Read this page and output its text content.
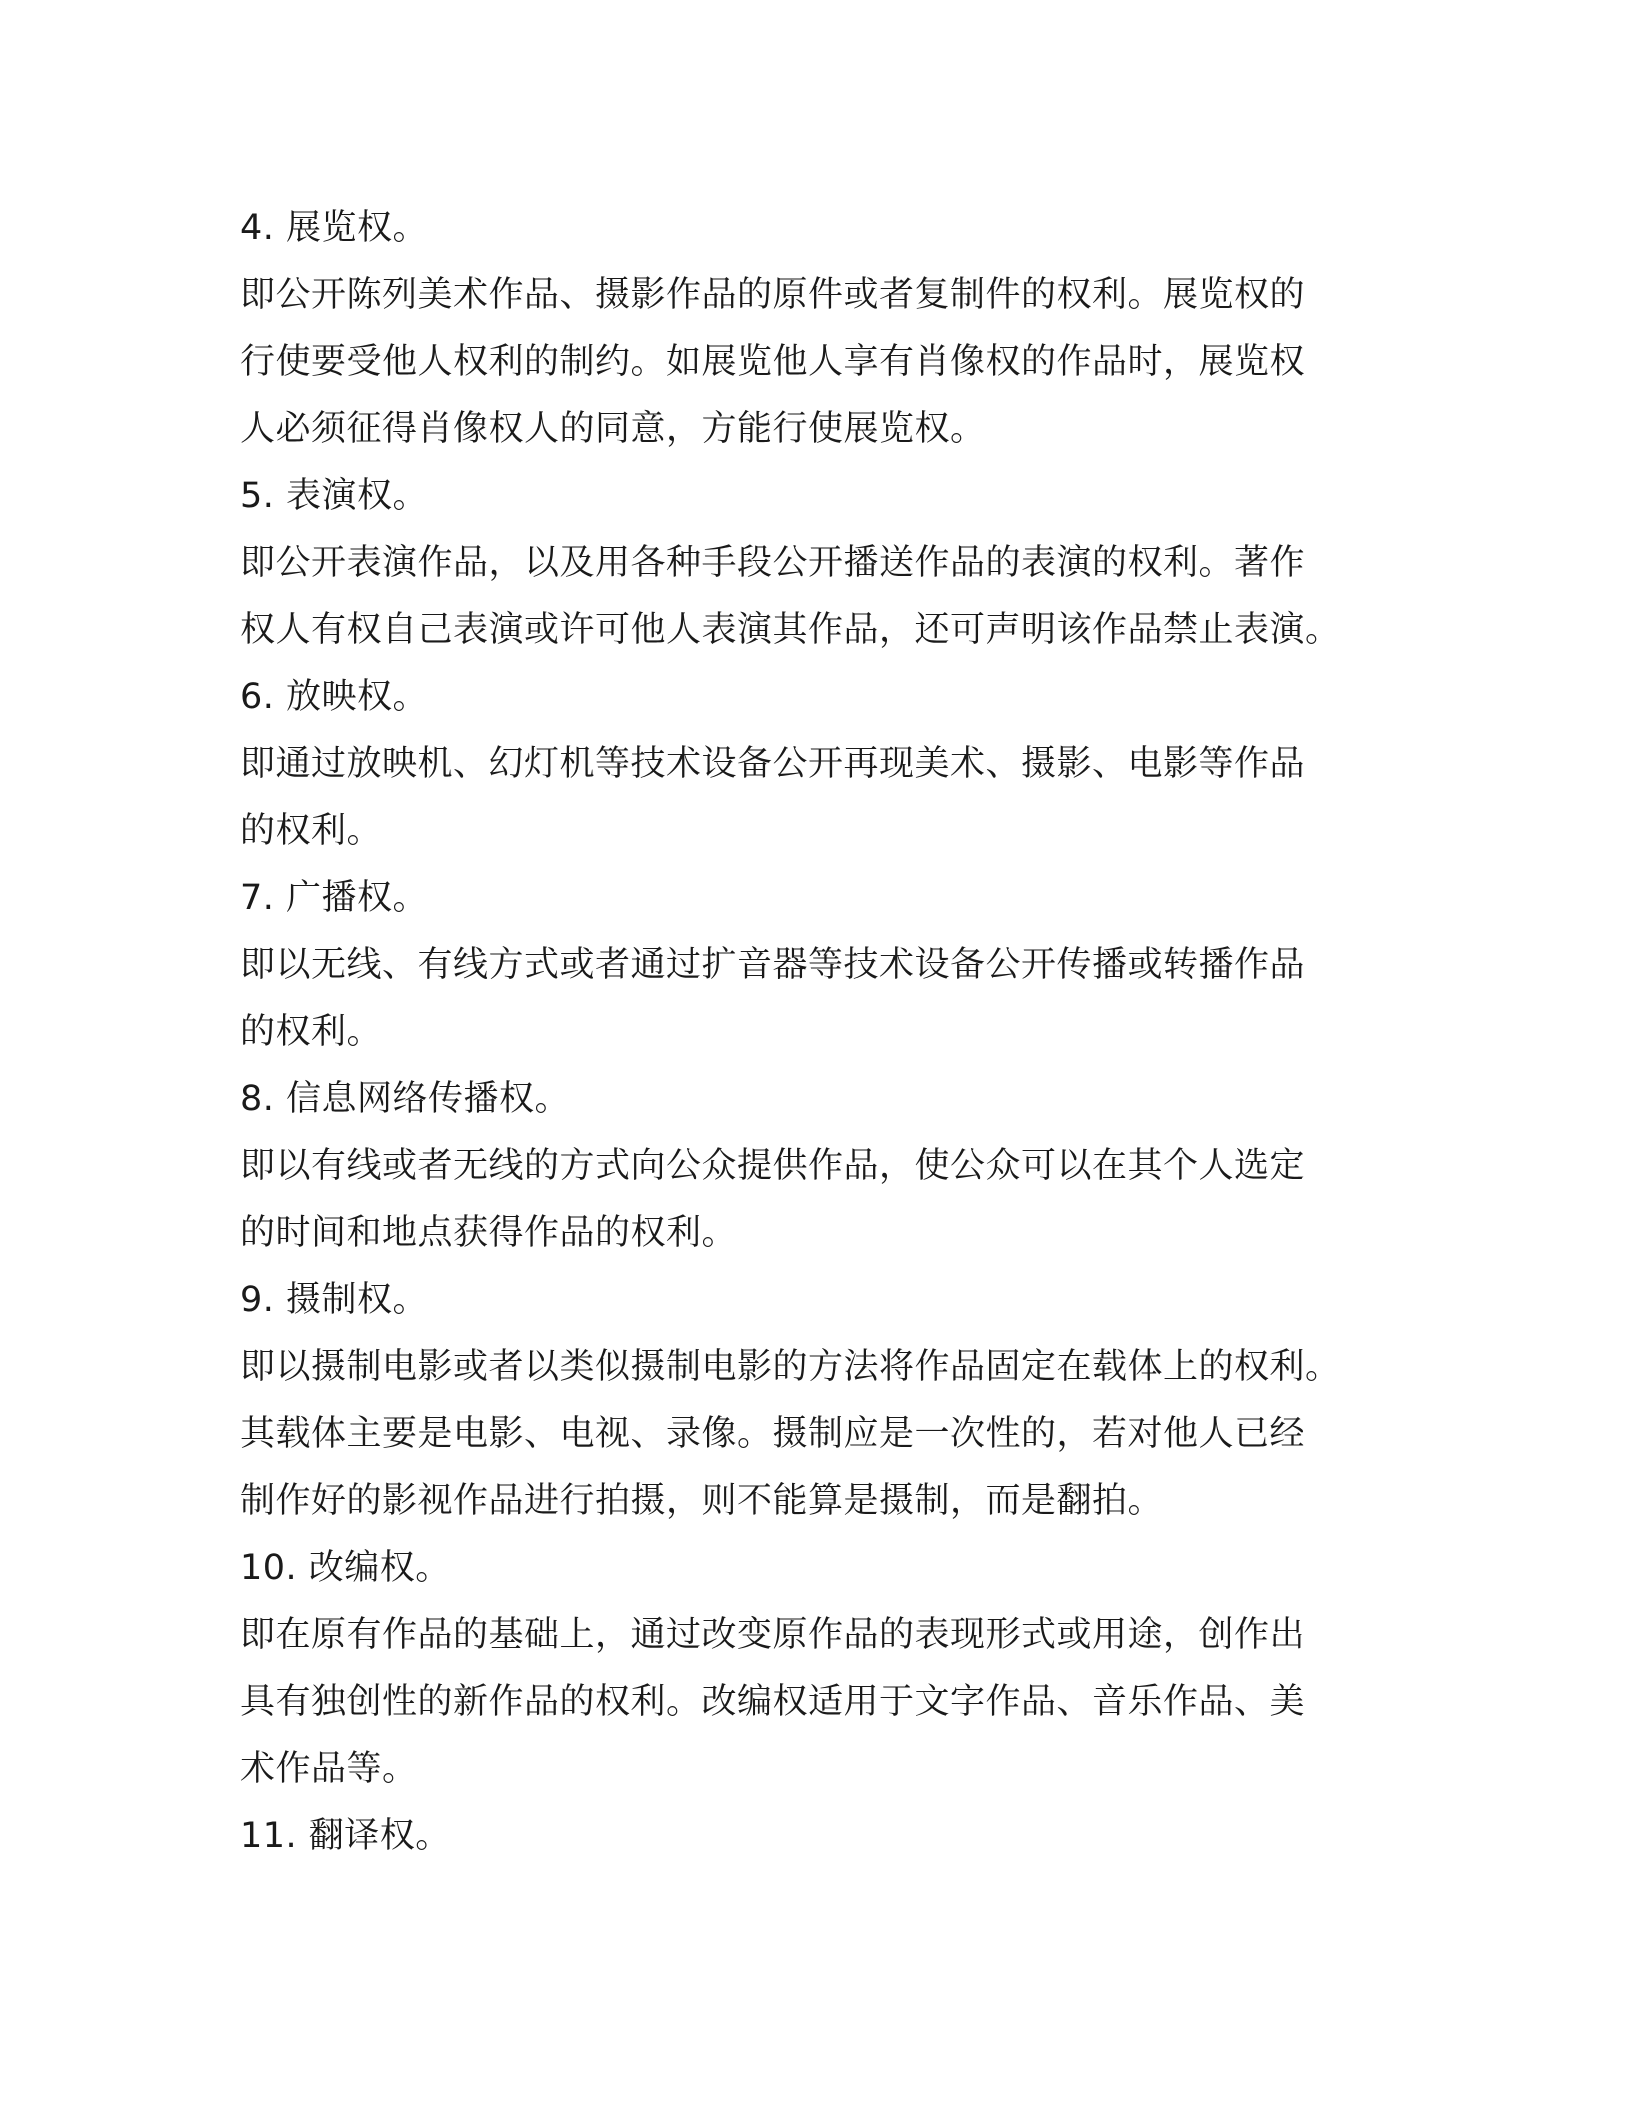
4. 展览权。
即公开陈列美术作品、摄影作品的原件或者复制件的权利。展览权的
行使要受他人权利的制约。如展览他人享有肖像权的作品时，展览权
人必须征得肖像权人的同意，方能行使展览权。
5. 表演权。
即公开表演作品，以及用各种手段公开播送作品的表演的权利。著作
权人有权自己表演或许可他人表演其作品，还可声明该作品禁止表演。
6. 放映权。
即通过放映机、幻灯机等技术设备公开再现美术、摄影、电影等作品
的权利。
7. 广播权。
即以无线、有线方式或者通过扩音器等技术设备公开传播或转播作品
的权利。
8. 信息网络传播权。
即以有线或者无线的方式向公众提供作品，使公众可以在其个人选定
的时间和地点获得作品的权利。
9. 摄制权。
即以摄制电影或者以类似摄制电影的方法将作品固定在载体上的权利。
其载体主要是电影、电视、录像。摄制应是一次性的，若对他人已经
制作好的影视作品进行拍摄，则不能算是摄制，而是翻拍。
10. 改编权。
即在原有作品的基础上，通过改变原作品的表现形式或用途，创作出
具有独创性的新作品的权利。改编权适用于文字作品、音乐作品、美
术作品等。
11. 翻译权。
